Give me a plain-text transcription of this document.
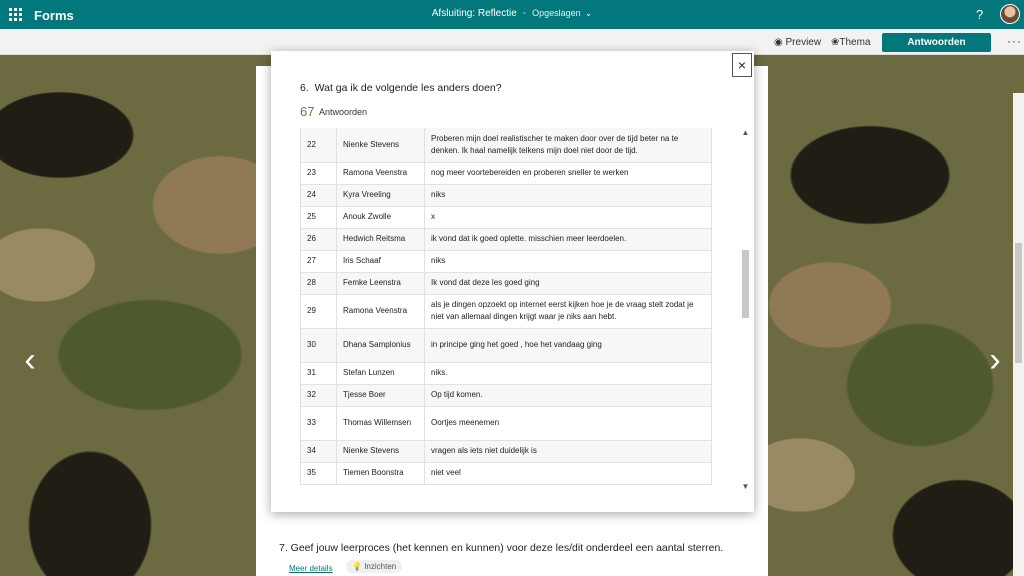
Forms	Afsluiting: Reflectie - Opgeslagen ⌄	?
◉ Preview ❀Thema	Antwoorden	···
7. Geef jouw leerproces (het kennen en kunnen) voor deze les/dit onderdeel een aantal sterren.
Meer details	💡 Inzichten
‹	›
×
6. Wat ga ik de volgende les anders doen?
67 Antwoorden
22	Nienke Stevens	Proberen mijn doel realistischer te maken door over de tijd beter na te denken. Ik haal namelijk telkens mijn doel niet door de tijd.
23	Ramona Veenstra	nog meer voortebereiden en proberen sneller te werken
24	Kyra Vreeling	niks
25	Anouk Zwolle	x
26	Hedwich Reitsma	ik vond dat ik goed oplette. misschien meer leerdoelen.
27	Iris Schaaf	niks
28	Femke Leenstra	Ik vond dat deze les goed ging
29	Ramona Veenstra	als je dingen opzoekt op internet eerst kijken hoe je de vraag stelt zodat je niet van allemaal dingen krijgt waar je niks aan hebt.
30	Dhana Samplonius	in principe ging het goed , hoe het vandaag ging
31	Stefan Lunzen	niks.
32	Tjesse Boer	Op tijd komen.
33	Thomas Willemsen	Oortjes meenemen
34	Nienke Stevens	vragen als iets niet duidelijk is
35	Tiemen Boonstra	niet veel
▲
▼
